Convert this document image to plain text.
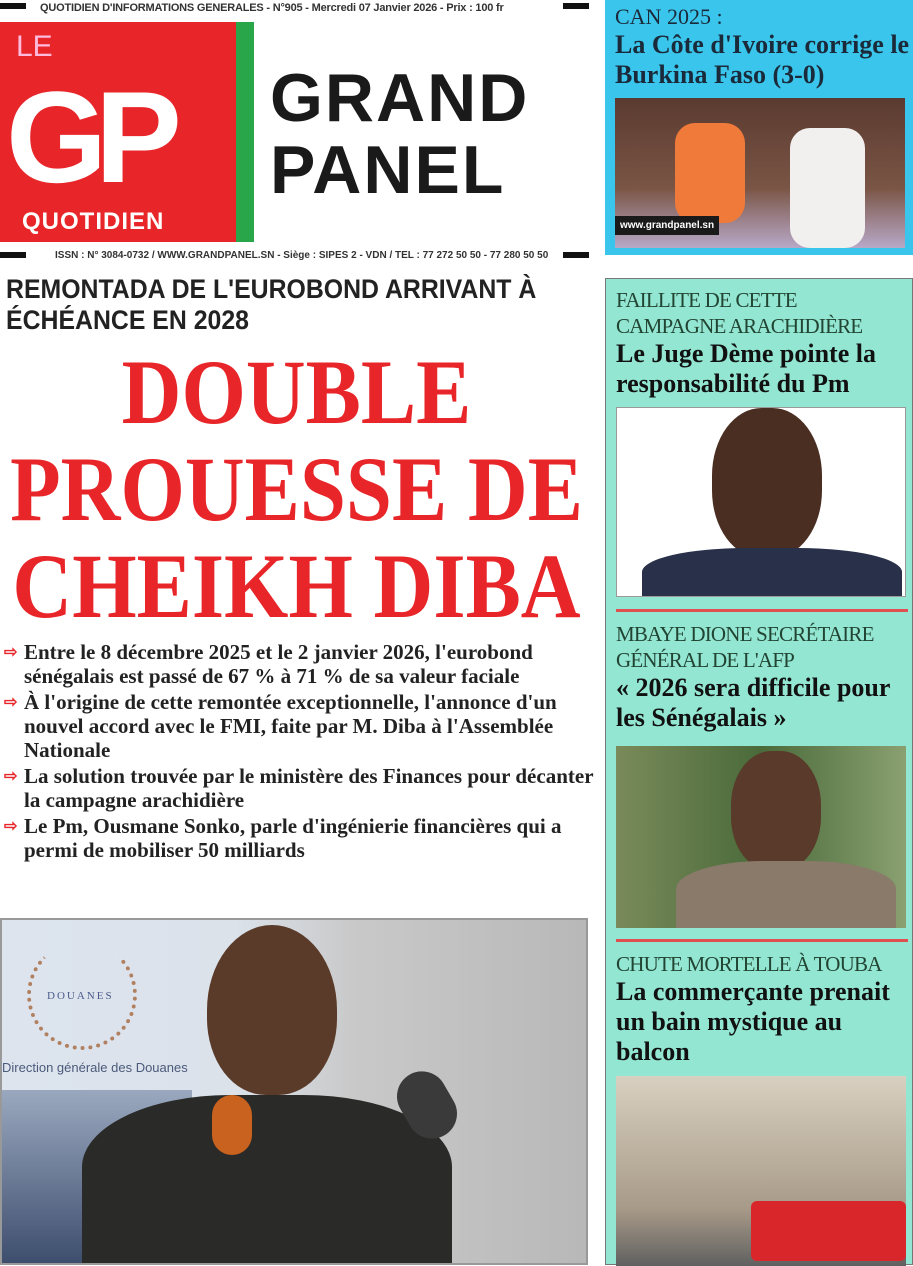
QUOTIDIEN D'INFORMATIONS GENERALES - N°905 - Mercredi 07 Janvier 2026 - Prix : 100 fr
LE
GP
QUOTIDIEN
GRAND
PANEL
ISSN : N° 3084-0732 / WWW.GRANDPANEL.SN - Siège : SIPES 2 - VDN / TEL : 77 272 50 50 - 77 280 50 50
REMONTADA DE L'EUROBOND ARRIVANT À ÉCHÉANCE EN 2028
DOUBLE
PROUESSE DE
CHEIKH DIBA
⇨ Entre le 8 décembre 2025 et le 2 janvier 2026, l'eurobond sénégalais est passé de 67 % à 71 % de sa valeur faciale
⇨ À l'origine de cette remontée exceptionnelle, l'annonce d'un nouvel accord avec le FMI, faite par M. Diba à l'Assemblée Nationale
⇨ La solution trouvée par le ministère des Finances pour décanter la campagne arachidière
⇨ Le Pm, Ousmane Sonko, parle d'ingénierie financières qui a permi de mobiliser 50 milliards
DOUANES
Direction générale des Douanes
CAN 2025 :
La Côte d'Ivoire corrige le Burkina Faso (3-0)
www.grandpanel.sn
FAILLITE DE CETTE CAMPAGNE ARACHIDIÈRE
Le Juge Dème pointe la responsabilité du Pm
MBAYE DIONE SECRÉTAIRE GÉNÉRAL DE L'AFP
« 2026 sera difficile pour les Sénégalais »
CHUTE MORTELLE À TOUBA
La commerçante prenait un bain mystique au balcon
